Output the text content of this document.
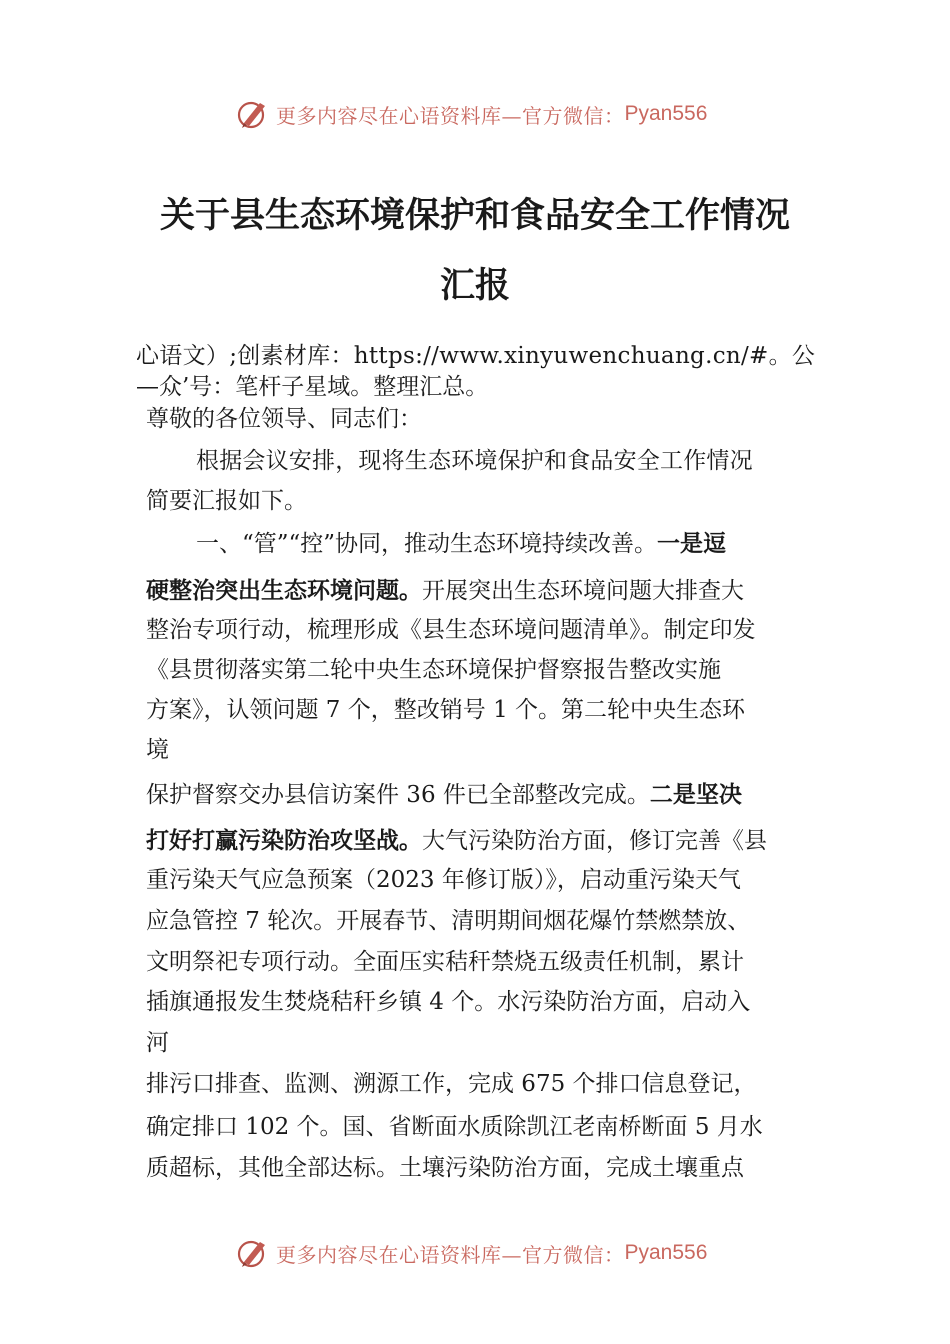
更多内容尽在心语资料库—官方微信： Pyan556
关于县生态环境保护和食品安全工作情况
汇报
心语文）;创素材库：https://www.xinyuwenchuang.cn/#。公
—众’号：笔杆子星域。整理汇总。
尊敬的各位领导、同志们：
根据会议安排，现将生态环境保护和食品安全工作情况
简要汇报如下。
一、“管”“控”协同，推动生态环境持续改善。一是逗
硬整治突出生态环境问题。开展突出生态环境问题大排查大
整治专项行动，梳理形成《县生态环境问题清单》。制定印发
《县贯彻落实第二轮中央生态环境保护督察报告整改实施
方案》，认领问题 7 个，整改销号 1 个。第二轮中央生态环
境
保护督察交办县信访案件 36 件已全部整改完成。二是坚决
打好打赢污染防治攻坚战。大气污染防治方面，修订完善《县
重污染天气应急预案（2023 年修订版）》，启动重污染天气
应急管控 7 轮次。开展春节、清明期间烟花爆竹禁燃禁放、
文明祭祀专项行动。全面压实秸秆禁烧五级责任机制，累计
插旗通报发生焚烧秸秆乡镇 4 个。水污染防治方面，启动入
河
排污口排查、监测、溯源工作，完成 675 个排口信息登记，
确定排口 102 个。国、省断面水质除凯江老南桥断面 5 月水
质超标，其他全部达标。土壤污染防治方面，完成土壤重点
更多内容尽在心语资料库—官方微信： Pyan556
